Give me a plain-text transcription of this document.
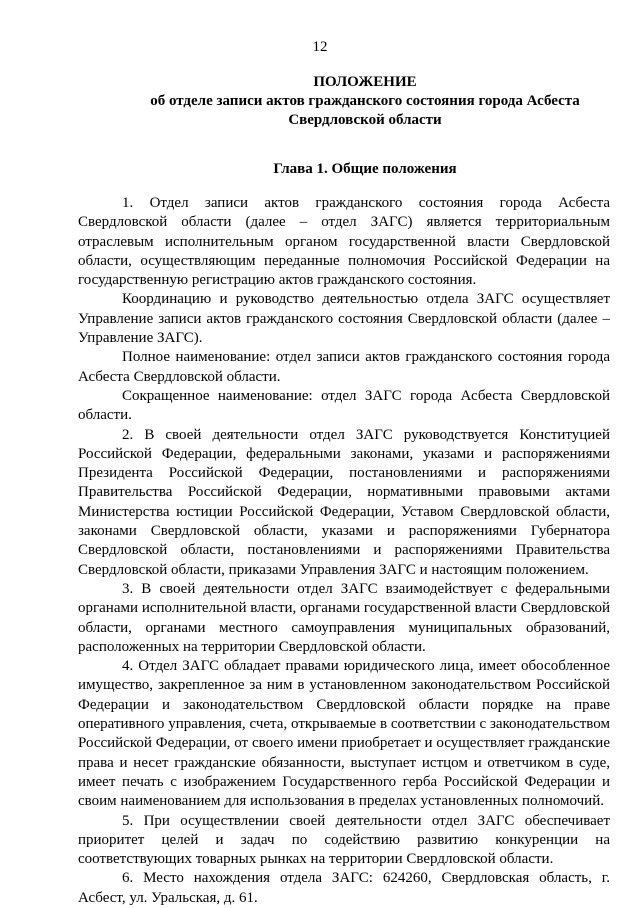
12
ПОЛОЖЕНИЕ
об отделе записи актов гражданского состояния города Асбеста
Свердловской области
Глава 1. Общие положения

1. Отдел записи актов гражданского состояния города Асбеста Свердловской области (далее – отдел ЗАГС) является территориальным отраслевым исполнительным органом государственной власти Свердловской области, осуществляющим переданные полномочия Российской Федерации на государственную регистрацию актов гражданского состояния.

Координацию и руководство деятельностью отдела ЗАГС осуществляет Управление записи актов гражданского состояния Свердловской области (далее – Управление ЗАГС).

Полное наименование: отдел записи актов гражданского состояния города Асбеста Свердловской области.

Сокращенное наименование: отдел ЗАГС города Асбеста Свердловской области.

2. В своей деятельности отдел ЗАГС руководствуется Конституцией Российской Федерации, федеральными законами, указами и распоряжениями Президента Российской Федерации, постановлениями и распоряжениями Правительства Российской Федерации, нормативными правовыми актами Министерства юстиции Российской Федерации, Уставом Свердловской области, законами Свердловской области, указами и распоряжениями Губернатора Свердловской области, постановлениями и распоряжениями Правительства Свердловской области, приказами Управления ЗАГС и настоящим положением.

3. В своей деятельности отдел ЗАГС взаимодействует с федеральными органами исполнительной власти, органами государственной власти Свердловской области, органами местного самоуправления муниципальных образований, расположенных на территории Свердловской области.

4. Отдел ЗАГС обладает правами юридического лица, имеет обособленное имущество, закрепленное за ним в установленном законодательством Российской Федерации и законодательством Свердловской области порядке на праве оперативного управления, счета, открываемые в соответствии с законодательством Российской Федерации, от своего имени приобретает и осуществляет гражданские права и несет гражданские обязанности, выступает истцом и ответчиком в суде, имеет печать с изображением Государственного герба Российской Федерации и своим наименованием для использования в пределах установленных полномочий.

5. При осуществлении своей деятельности отдел ЗАГС обеспечивает приоритет целей и задач по содействию развитию конкуренции на соответствующих товарных рынках на территории Свердловской области.

6. Место нахождения отдела ЗАГС: 624260, Свердловская область, г. Асбест, ул. Уральская, д. 61.
